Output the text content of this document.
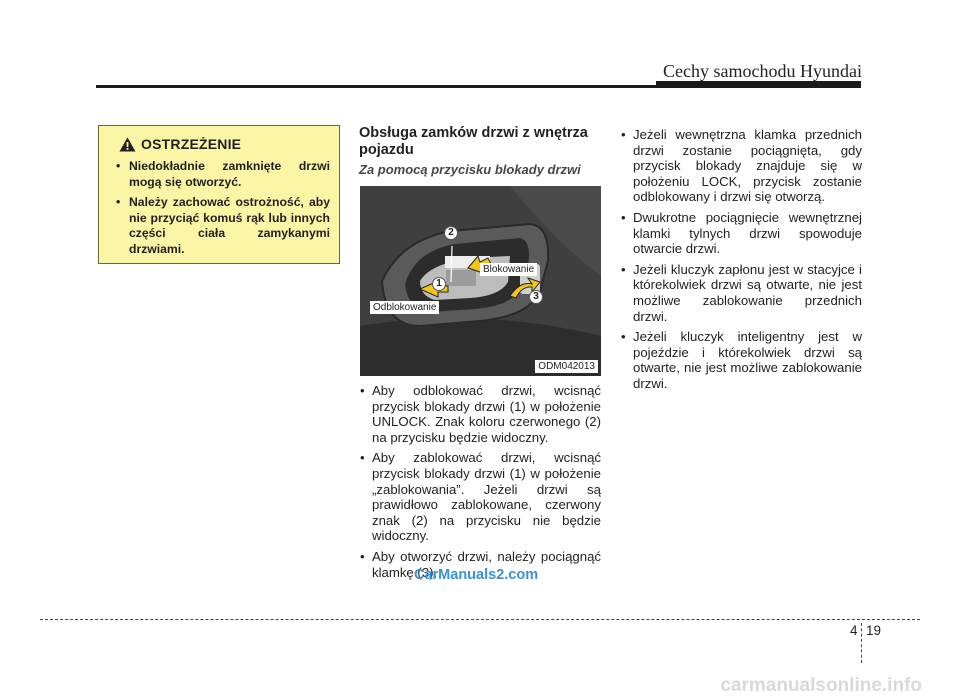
Cechy samochodu Hyundai
OSTRZEŻENIE
• Niedokładnie zamknięte drzwi mogą się otworzyć.
• Należy zachować ostrożność, aby nie przyciąć komuś rąk lub innych części ciała zamykanymi drzwiami.
Obsługa zamków drzwi z wnętrza pojazdu
Za pomocą przycisku blokady drzwi
2
1
3
Blokowanie
Odblokowanie
ODM042013
• Aby odblokować drzwi, wcisnąć przycisk blokady drzwi (1) w położenie UNLOCK. Znak koloru czerwonego (2) na przycisku będzie widoczny.
• Aby zablokować drzwi, wcisnąć przycisk blokady drzwi (1) w położenie „zablokowania”. Jeżeli drzwi są prawidłowo zablokowane, czerwony znak (2) na przycisku nie będzie widoczny.
• Aby otworzyć drzwi, należy pociągnąć klamkę (3).
• Jeżeli wewnętrzna klamka przednich drzwi zostanie pociągnięta, gdy przycisk blokady znajduje się w położeniu LOCK, przycisk zostanie odblokowany i drzwi się otworzą.
• Dwukrotne pociągnięcie wewnętrznej klamki tylnych drzwi spowoduje otwarcie drzwi.
• Jeżeli kluczyk zapłonu jest w stacyjce i którekolwiek drzwi są otwarte, nie jest możliwe zablokowanie przednich drzwi.
• Jeżeli kluczyk inteligentny jest w pojeździe i którekolwiek drzwi są otwarte, nie jest możliwe zablokowanie drzwi.
CarManuals2.com
4 19
carmanualsonline.info
